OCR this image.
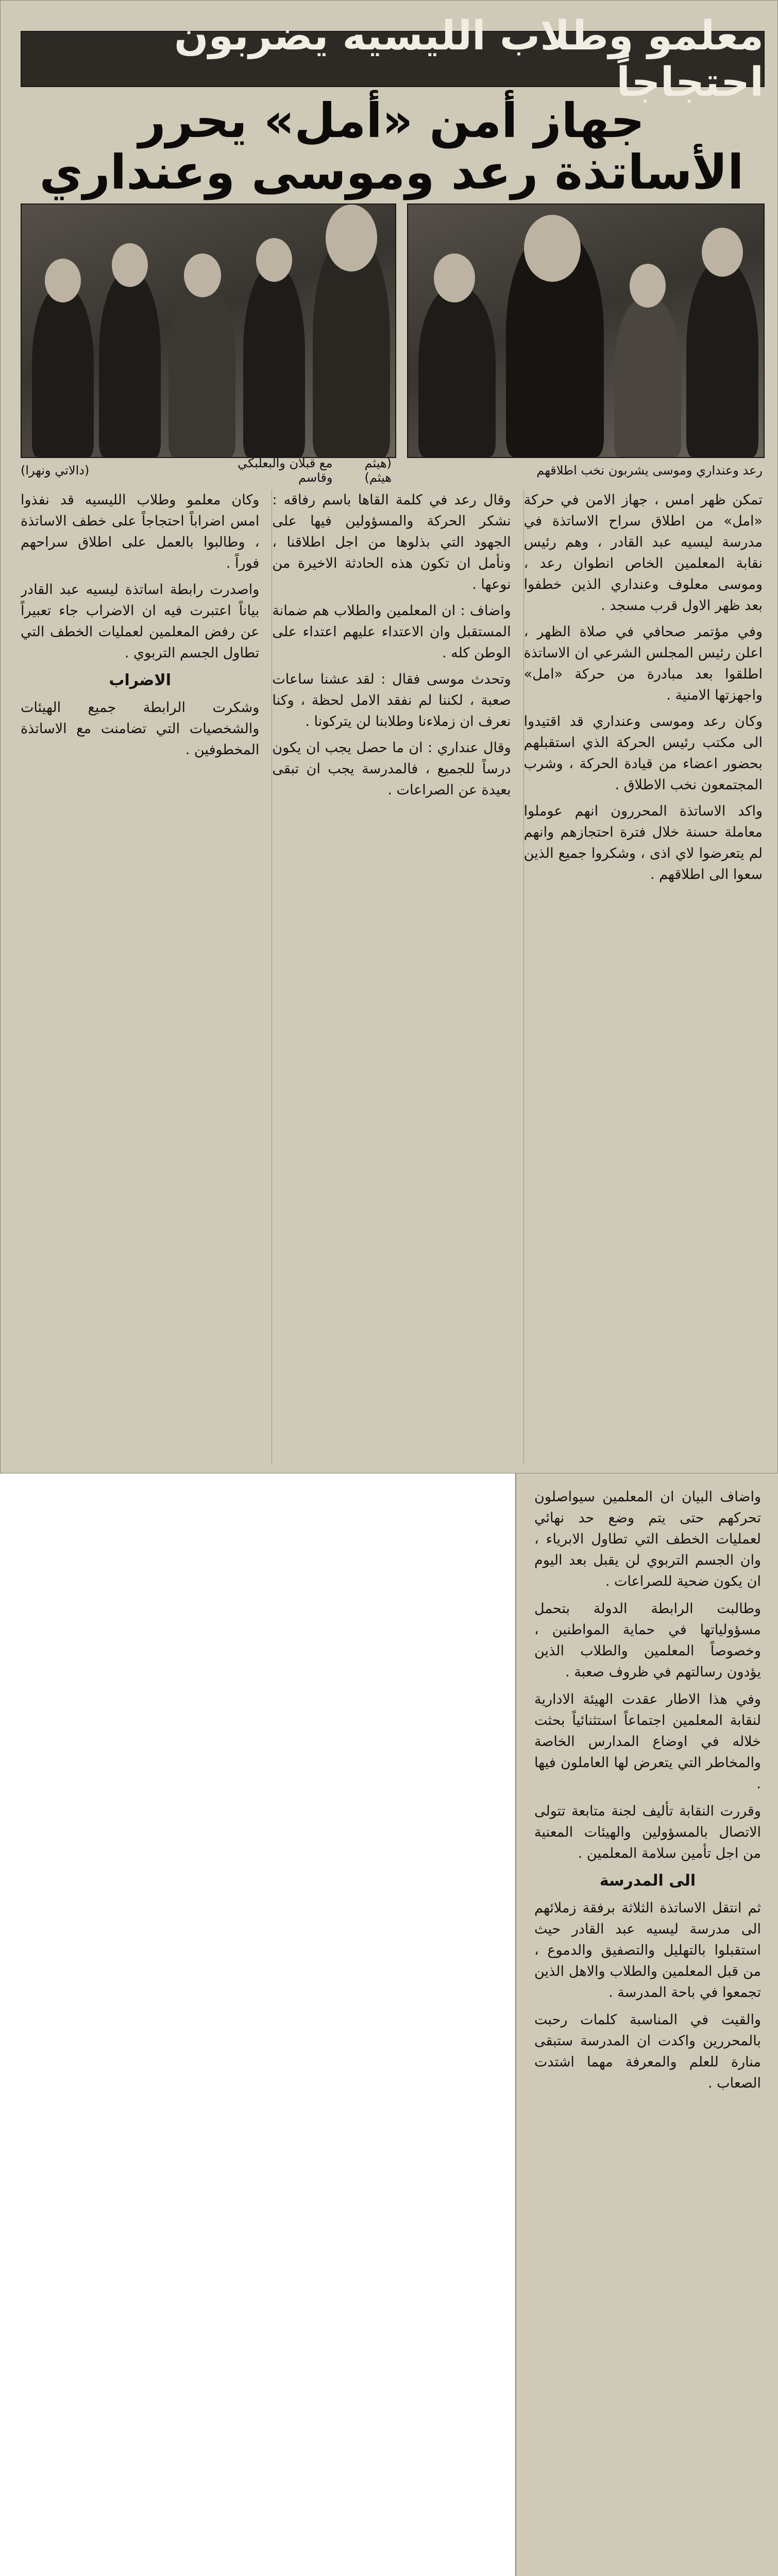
معلمو وطلاب الليسيه يضربون احتجاجاً
جهاز أمن «أمل» يحرر
الأساتذة رعد وموسى وعنداري
رعد وعنداري وموسى يشربون نخب اطلاقهم
(هيثم هيثم)

مع قبلان والبعلبكي وقاسم
(دالاتي ونهرا)

تمكن ظهر امس ، جهاز الامن في حركة «امل» من اطلاق سراح الاساتذة في مدرسة ليسيه عبد القادر ، وهم رئيس نقابة المعلمين الخاص انطوان رعد ، وموسى معلوف وعنداري الذين خطفوا بعد ظهر الاول قرب مسجد .

وفي مؤتمر صحافي في صلاة الظهر ، اعلن رئيس المجلس الشرعي ان الاساتذة اطلقوا بعد مبادرة من حركة «امل» واجهزتها الامنية .

وكان رعد وموسى وعنداري قد اقتيدوا الى مكتب رئيس الحركة الذي استقبلهم بحضور اعضاء من قيادة الحركة ، وشرب المجتمعون نخب الاطلاق .

واكد الاساتذة المحررون انهم عوملوا معاملة حسنة خلال فترة احتجازهم وانهم لم يتعرضوا لاي اذى ، وشكروا جميع الذين سعوا الى اطلاقهم .

وقال رعد في كلمة القاها باسم رفاقه : نشكر الحركة والمسؤولين فيها على الجهود التي بذلوها من اجل اطلاقنا ، ونأمل ان تكون هذه الحادثة الاخيرة من نوعها .

واضاف : ان المعلمين والطلاب هم ضمانة المستقبل وان الاعتداء عليهم اعتداء على الوطن كله .

وتحدث موسى فقال : لقد عشنا ساعات صعبة ، لكننا لم نفقد الامل لحظة ، وكنا نعرف ان زملاءنا وطلابنا لن يتركونا .

وقال عنداري : ان ما حصل يجب ان يكون درساً للجميع ، فالمدرسة يجب ان تبقى بعيدة عن الصراعات .

وكان معلمو وطلاب الليسيه قد نفذوا امس اضراباً احتجاجاً على خطف الاساتذة ، وطالبوا بالعمل على اطلاق سراحهم فوراً .

واصدرت رابطة اساتذة ليسيه عبد القادر بياناً اعتبرت فيه ان الاضراب جاء تعبيراً عن رفض المعلمين لعمليات الخطف التي تطاول الجسم التربوي .

الاضراب

وشكرت الرابطة جميع الهيئات والشخصيات التي تضامنت مع الاساتذة المخطوفين .

واضاف البيان ان المعلمين سيواصلون تحركهم حتى يتم وضع حد نهائي لعمليات الخطف التي تطاول الابرياء ، وان الجسم التربوي لن يقبل بعد اليوم ان يكون ضحية للصراعات .

وطالبت الرابطة الدولة بتحمل مسؤولياتها في حماية المواطنين ، وخصوصاً المعلمين والطلاب الذين يؤدون رسالتهم في ظروف صعبة .

وفي هذا الاطار عقدت الهيئة الادارية لنقابة المعلمين اجتماعاً استثنائياً بحثت خلاله في اوضاع المدارس الخاصة والمخاطر التي يتعرض لها العاملون فيها .

وقررت النقابة تأليف لجنة متابعة تتولى الاتصال بالمسؤولين والهيئات المعنية من اجل تأمين سلامة المعلمين .

الى المدرسة

ثم انتقل الاساتذة الثلاثة برفقة زملائهم الى مدرسة ليسيه عبد القادر حيث استقبلوا بالتهليل والتصفيق والدموع ، من قبل المعلمين والطلاب والاهل الذين تجمعوا في باحة المدرسة .

والقيت في المناسبة كلمات رحبت بالمحررين واكدت ان المدرسة ستبقى منارة للعلم والمعرفة مهما اشتدت الصعاب .
